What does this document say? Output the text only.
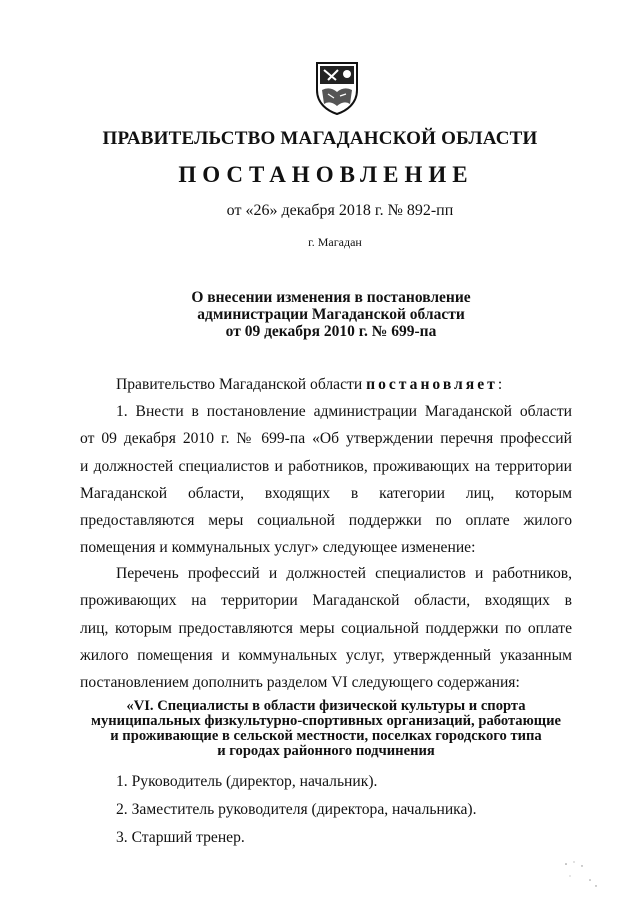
ПРАВИТЕЛЬСТВО МАГАДАНСКОЙ ОБЛАСТИ
ПОСТАНОВЛЕНИЕ
от «26» декабря 2018 г. № 892-пп
г. Магадан
О внесении изменения в постановление
администрации Магаданской области
от 09 декабря 2010 г. № 699-па
Правительство Магаданской области постановляет:
1. Внести в постановление администрации Магаданской области
от 09 декабря 2010 г. № 699-па «Об утверждении перечня профессий
и должностей специалистов и работников, проживающих на территории
Магаданской области, входящих в категории лиц, которым
предоставляются меры социальной поддержки по оплате жилого
помещения и коммунальных услуг» следующее изменение:
Перечень профессий и должностей специалистов и работников,
проживающих на территории Магаданской области, входящих в
лиц, которым предоставляются меры социальной поддержки по оплате
жилого помещения и коммунальных услуг, утвержденный указанным
постановлением дополнить разделом VI следующего содержания:
«VI. Специалисты в области физической культуры и спорта
муниципальных физкультурно-спортивных организаций, работающие
и проживающие в сельской местности, поселках городского типа
и городах районного подчинения
1. Руководитель (директор, начальник).
2. Заместитель руководителя (директора, начальника).
3. Старший тренер.
